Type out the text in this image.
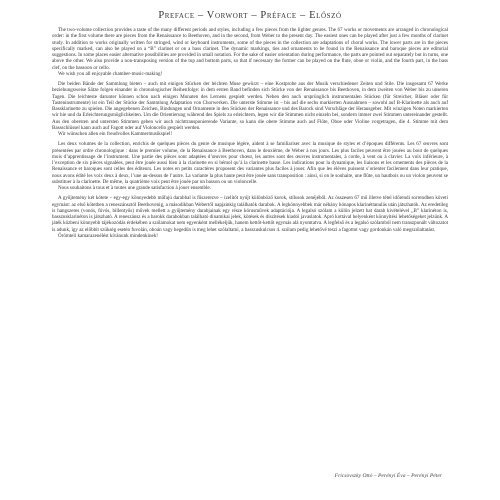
Preface – Vorwort – Préface – Előszó

The two-volume collection provides a taste of the many different periods and styles, including a few pieces from the lighter genres. The 67 works or movements are arranged in chronological order: in the first volume there are pieces from the Renaissance to Beethoven, and in the second, from Weber to the present day. The easiest ones can be played after just a few months of clarinet study. In addition to works originally written for stringed, wind or keyboard instruments, some of the pieces in the collection are adaptations of choral works. The lower parts are in the pieces specifically marked, can also be played on a “B” clarinet or on a bass clarinet. The dynamic markings, ties and ornaments to be found in the Renaissance and baroque pieces are editorial suggestions. In some places easier alternative possibilities are provided in small notation. For the sake of easier orientation during performance, the parts are pointed out separately but in turns, one above the other. We also provide a non-transposing version of the top and bottom parts, so that if necessary the former can be played on the flute, oboe or violin, and the fourth part, in the bass clef, on the bassoon or cello.

We wish you all enjoyable chamber-music-making!

Die beiden Bände der Sammlung bieten – auch mit einigen Stücken der leichten Muse gewürzt – eine Kostprobe aus der Musik verschiedener Zeiten und Stile. Die insgesamt 67 Werke beziehungsweise Sätze folgen einander in chronologischer Reihenfolge: in dem ersten Band befinden sich Stücke von der Renaissance bis Beethoven, in dem zweiten von Weber bis zu unseren Tagen. Die leichteste darunter können schon nach einigen Monaten des Lernens gespielt werden. Neben den auch ursprünglich instrumentalen Stücken (für Streicher, Bläser oder für Tasteninstrumente) ist ein Teil der Stücke der Sammlung Adaptation von Chorwerken. Die unterste Stimme ist – bis auf die sechs markierten Ausnahmen – sowohl auf B-Klarinette als auch auf Bassklarinette zu spielen. Die angegebenen Zeichen, Bindungen und Ornamente in den Stücken der Renaissance und des Barock sind Vorschläge der Herausgeber. Mit winzigen Noten markierten wir hie und da Erleichterungsmöglichkeiten. Um die Orientierung während des Spiels zu erleichtern, legen wir die Stimmen nicht einzeln bei, sondern immer zwei Stimmen untereinander gestellt. Aus den obersten und untersten Stimmen geben wir auch nichttransponierende Variante, so kann die obere Stimme auch auf Flöte, Oboe oder Violine vorgetragen, die 4. Stimme mit dem Bassschlüssel kann auch auf Fagott oder auf Violoncello gespielt werden.

Wir wünschen allen ein freudvolles Kammermusikspiel!

Les deux volumes de la collection, enrichis de quelques pièces du genre de musique légère, aident à se familiariser avec la musique de styles et d’époques différents. Les 67 œuvres sont présentées par ordre chronologique : dans le premier volume, de la Renaissance à Beethoven, dans le deuxième, de Weber à nos jours. Les plus faciles peuvent être jouées au bout de quelques mois d’apprentissage de l’instrument. Une partie des pièces sont adaptées d’œuvres pour chœur, les autres sont des œuvres instrumentales, à corde, à vent ou à clavier. La voix inférieure, à l’exception de six pièces signalées, peut être jouée aussi bien à la clarinette en si bémol qu’à la clarinette basse. Les indications pour la dynamique, les liaisons et les ornements des pièces de la Renaissance et baroques sont celles des éditeurs. Les notes en petits caractères proposent des variantes plus faciles à jouer. Afin que les élèves puissent s’orienter facilement dans leur pratique, nous avons édité les voix deux à deux, l’une au-dessus de l’autre. La variante la plus haute peut être jouée sans transposition : ainsi, si on le souhaite, une flûte, un hautbois ou un violon peuvent se substituer à la clarinette. De même, la quatrième voix peut être jouée par un basson ou un violoncelle.

Nous souhaitons à tous et à toutes une grande satisfaction à jouer ensemble.

A gyűjtemény két kötete – egy-egy könnyedebb műfajú darabbal is fűszerezve – ízelítőt nyújt különböző korok, stílusok zenéjéből. Az összesen 67 mű illetve tétel időrendi sorrendben követi egymást: az első kötetben a reneszánsztól Beethovenig, a másodikban Webertől napjainkig találhatók darabok. A legkönnyebbek már néhány hónapos klarinéttanulás után játszhatók. Az eredetileg is hangszeres (vonós, fúvós, billentyűs) művek mellett a gyűjtemény darabjainak egy része kórusművek adaptációja. A legalsó szólam a külön jelzett hat darab kivételével ,,B” klarinéton is, basszusklarinéton is játszható. A reneszánsz és a barokk darabokban található dinamikai jelek, kötések és díszítések kiadói javaslatok. Apró kottával helyenként könnyítési lehetőségeket jelzünk. A játék közbeni könnyebb tájékozódás érdekében a szólamokat nem egyenként mellékeljük, hanem kettőt-kettőt egymás alá nyomtatva. A legfelső és a legalsó szólamból nem transzponált változatot is adunk, így az előbbit szükség esetén fuvolán, oboán vagy hegedűn is meg lehet szólaltatni, a basszuskulcsos 4. szólam pedig lehetővé teszi a fagottot vagy gordonkán való megszólaltatást.

Örömteli kamarazenélést kívánunk mindenkinek!
Fricsovszky Ottó – Perényi Éva – Perényi Péter
